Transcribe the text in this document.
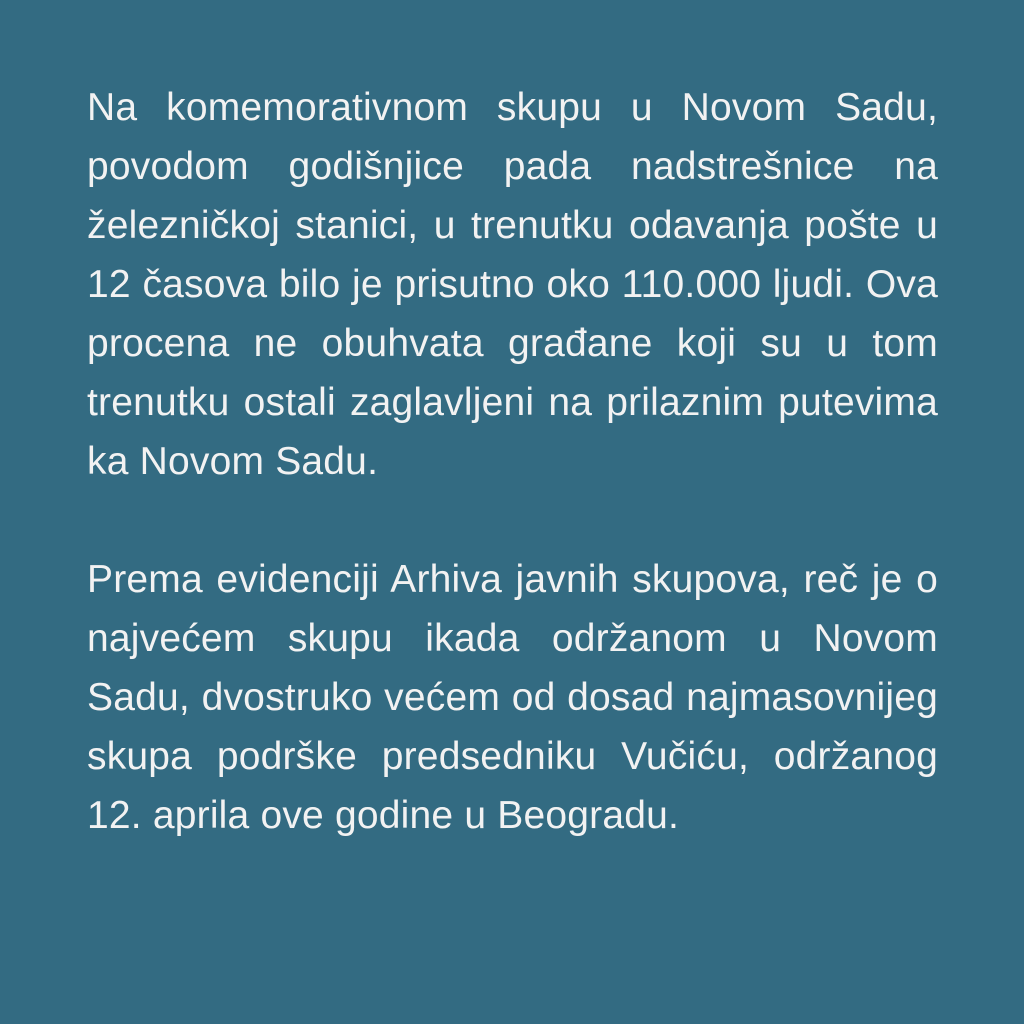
Na komemorativnom skupu u Novom Sadu, povodom godišnjice pada nadstrešnice na železničkoj stanici, u trenutku odavanja pošte u 12 časova bilo je prisutno oko 110.000 ljudi. Ova procena ne obuhvata građane koji su u tom trenutku ostali zaglavljeni na prilaznim putevima ka Novom Sadu.

Prema evidenciji Arhiva javnih skupova, reč je o najvećem skupu ikada održanom u Novom Sadu, dvostruko većem od dosad najmasovnijeg skupa podrške predsedniku Vučiću, održanog 12. aprila ove godine u Beogradu.
